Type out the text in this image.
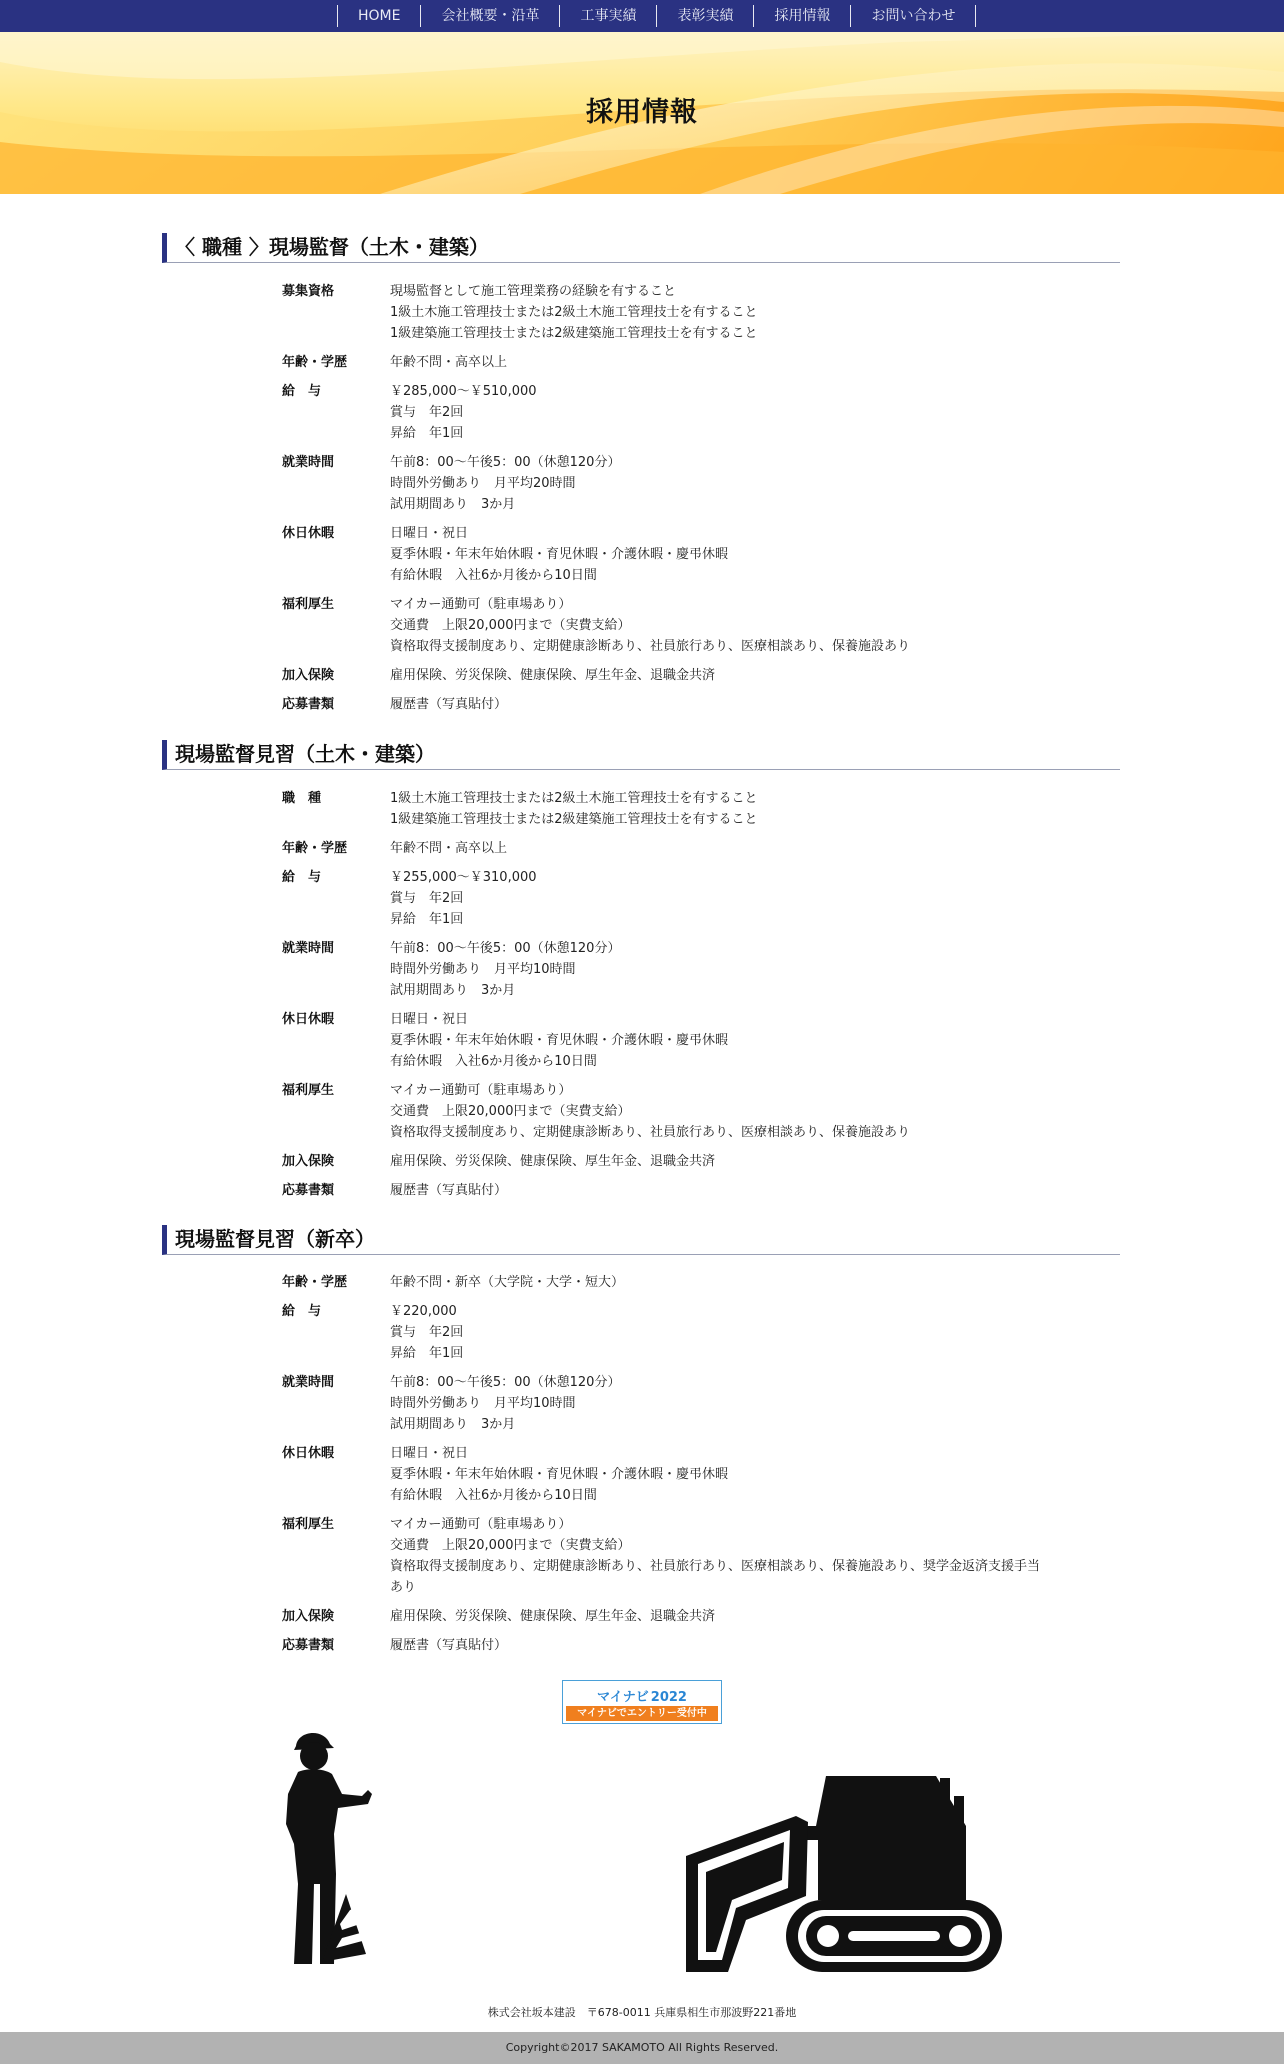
HOME	会社概要・沿革	工事実績	表彰実績	採用情報	お問い合わせ
採用情報
〈 職種 〉現場監督（土木・建築）
募集資格	現場監督として施工管理業務の経験を有すること
1級土木施工管理技士または2級土木施工管理技士を有すること
1級建築施工管理技士または2級建築施工管理技士を有すること
年齢・学歴	年齢不問・高卒以上
給　与	￥285,000～￥510,000
賞与　年2回
昇給　年1回
就業時間	午前8：00～午後5：00（休憩120分）
時間外労働あり　月平均20時間
試用期間あり　3か月
休日休暇	日曜日・祝日
夏季休暇・年末年始休暇・育児休暇・介護休暇・慶弔休暇
有給休暇　入社6か月後から10日間
福利厚生	マイカー通勤可（駐車場あり）
交通費　上限20,000円まで（実費支給）
資格取得支援制度あり、定期健康診断あり、社員旅行あり、医療相談あり、保養施設あり
加入保険	雇用保険、労災保険、健康保険、厚生年金、退職金共済
応募書類	履歴書（写真貼付）
現場監督見習（土木・建築）
職　種	1級土木施工管理技士または2級土木施工管理技士を有すること
1級建築施工管理技士または2級建築施工管理技士を有すること
年齢・学歴	年齢不問・高卒以上
給　与	￥255,000～￥310,000
賞与　年2回
昇給　年1回
就業時間	午前8：00～午後5：00（休憩120分）
時間外労働あり　月平均10時間
試用期間あり　3か月
休日休暇	日曜日・祝日
夏季休暇・年末年始休暇・育児休暇・介護休暇・慶弔休暇
有給休暇　入社6か月後から10日間
福利厚生	マイカー通勤可（駐車場あり）
交通費　上限20,000円まで（実費支給）
資格取得支援制度あり、定期健康診断あり、社員旅行あり、医療相談あり、保養施設あり
加入保険	雇用保険、労災保険、健康保険、厚生年金、退職金共済
応募書類	履歴書（写真貼付）
現場監督見習（新卒）
年齢・学歴	年齢不問・新卒（大学院・大学・短大）
給　与	￥220,000
賞与　年2回
昇給　年1回
就業時間	午前8：00～午後5：00（休憩120分）
時間外労働あり　月平均10時間
試用期間あり　3か月
休日休暇	日曜日・祝日
夏季休暇・年末年始休暇・育児休暇・介護休暇・慶弔休暇
有給休暇　入社6か月後から10日間
福利厚生	マイカー通勤可（駐車場あり）
交通費　上限20,000円まで（実費支給）
資格取得支援制度あり、定期健康診断あり、社員旅行あり、医療相談あり、保養施設あり、奨学金返済支援手当あり
加入保険	雇用保険、労災保険、健康保険、厚生年金、退職金共済
応募書類	履歴書（写真貼付）
マイナビ 2022
マイナビでエントリー受付中
株式会社坂本建設　〒678-0011 兵庫県相生市那波野221番地
Copyright©2017 SAKAMOTO All Rights Reserved.
